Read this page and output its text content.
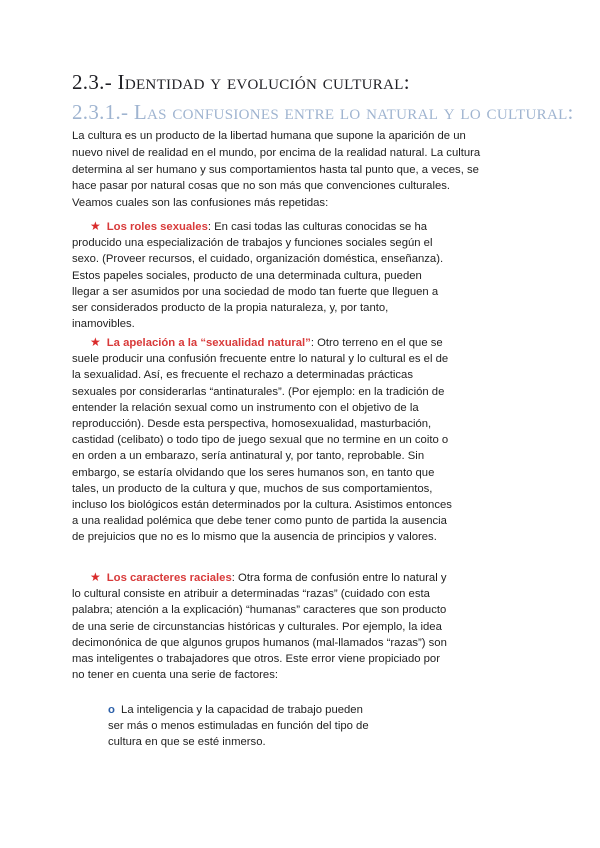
2.3.- Identidad y evolución cultural:
2.3.1.- Las confusiones entre lo natural y lo cultural:

La cultura es un producto de la libertad humana que supone la aparición de un nuevo nivel de realidad en el mundo, por encima de la realidad natural. La cultura determina al ser humano y sus comportamientos hasta tal punto que, a veces, se hace pasar por natural cosas que no son más que convenciones culturales. Veamos cuales son las confusiones más repetidas:

★ Los roles sexuales: En casi todas las culturas conocidas se ha producido una especialización de trabajos y funciones sociales según el sexo. (Proveer recursos, el cuidado, organización doméstica, enseñanza). Estos papeles sociales, producto de una determinada cultura, pueden llegar a ser asumidos por una sociedad de modo tan fuerte que lleguen a ser considerados producto de la propia naturaleza, y, por tanto, inamovibles.
★ La apelación a la “sexualidad natural”: Otro terreno en el que se suele producir una confusión frecuente entre lo natural y lo cultural es el de la sexualidad. Así, es frecuente el rechazo a determinadas prácticas sexuales por considerarlas “antinaturales”. (Por ejemplo: en la tradición de entender la relación sexual como un instrumento con el objetivo de la reproducción). Desde esta perspectiva, homosexualidad, masturbación, castidad (celibato) o todo tipo de juego sexual que no termine en un coito o en orden a un embarazo, sería antinatural y, por tanto, reprobable. Sin embargo, se estaría olvidando que los seres humanos son, en tanto que tales, un producto de la cultura y que, muchos de sus comportamientos, incluso los biológicos están determinados por la cultura. Asistimos entonces a una realidad polémica que debe tener como punto de partida la ausencia de prejuicios que no es lo mismo que la ausencia de principios y valores.
★ Los caracteres raciales: Otra forma de confusión entre lo natural y lo cultural consiste en atribuir a determinadas “razas” (cuidado con esta palabra; atención a la explicación) “humanas” caracteres que son producto de una serie de circunstancias históricas y culturales. Por ejemplo, la idea decimonónica de que algunos grupos humanos (mal-llamados “razas”) son mas inteligentes o trabajadores que otros. Este error viene propiciado por no tener en cuenta una serie de factores:
o La inteligencia y la capacidad de trabajo pueden ser más o menos estimuladas en función del tipo de cultura en que se esté inmerso.
